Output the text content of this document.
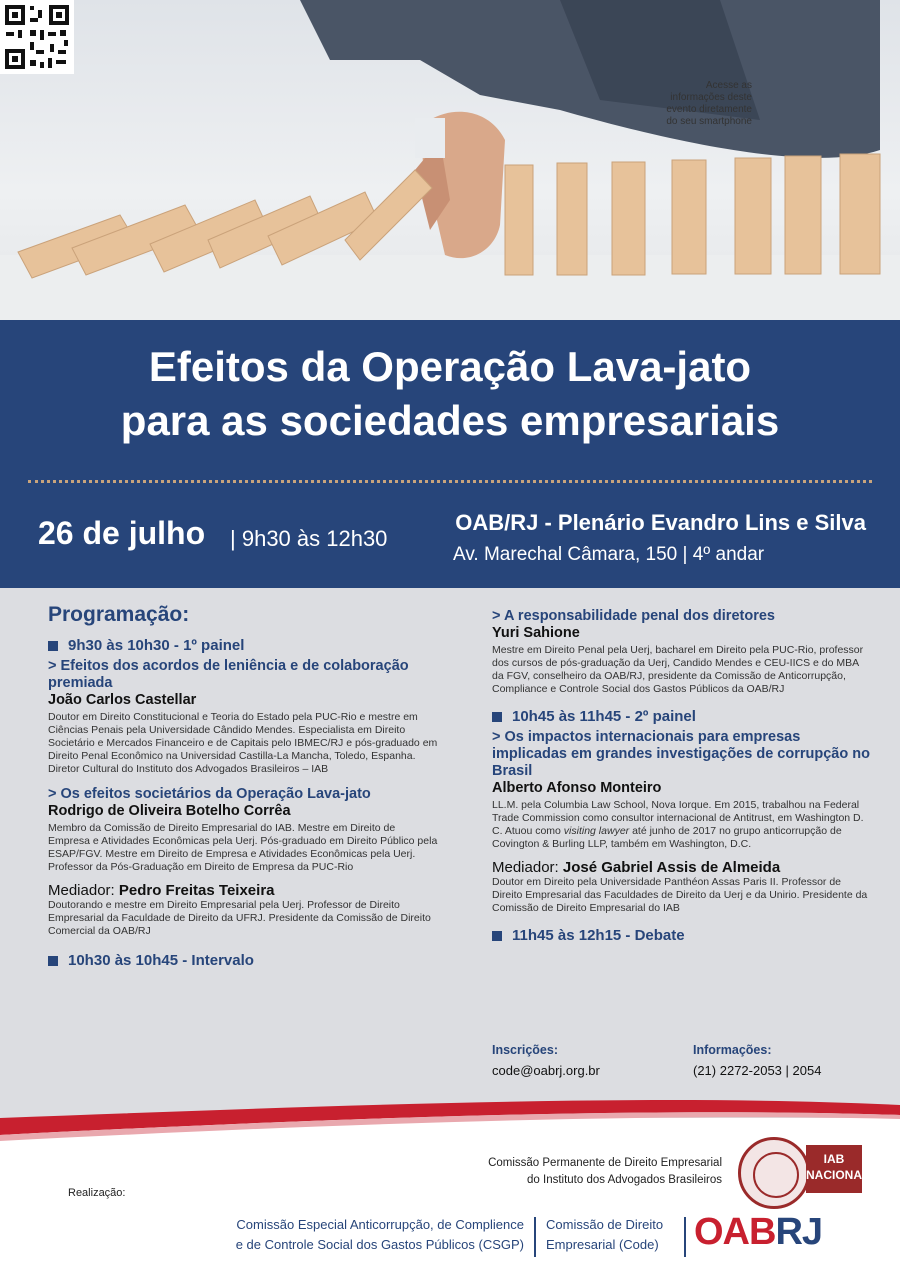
Acesse as
informações deste
evento diretamente
do seu smartphone
Efeitos da Operação Lava-jato
para as sociedades empresariais
26 de julho | 9h30 às 12h30
OAB/RJ - Plenário Evandro Lins e Silva
Av. Marechal Câmara, 150 | 4º andar
Programação:
9h30 às 10h30 - 1º painel
> Efeitos dos acordos de leniência e de colaboração premiada
João Carlos Castellar
Doutor em Direito Constitucional e Teoria do Estado pela PUC-Rio e mestre em Ciências Penais pela Universidade Cândido Mendes. Especialista em Direito Societário e Mercados Financeiro e de Capitais pelo IBMEC/RJ e pós-graduado em Direito Penal Econômico na Universidad Castilla-La Mancha, Toledo, Espanha. Diretor Cultural do Instituto dos Advogados Brasileiros – IAB
> Os efeitos societários da Operação Lava-jato
Rodrigo de Oliveira Botelho Corrêa
Membro da Comissão de Direito Empresarial do IAB. Mestre em Direito de Empresa e Atividades Econômicas pela Uerj. Pós-graduado em Direito Público pela ESAP/FGV. Mestre em Direito de Empresa e Atividades Econômicas pela Uerj. Professor da Pós-Graduação em Direito de Empresa da PUC-Rio
Mediador: Pedro Freitas Teixeira
Doutorando e mestre em Direito Empresarial pela Uerj. Professor de Direito Empresarial da Faculdade de Direito da UFRJ. Presidente da Comissão de Direito Comercial da OAB/RJ
10h30 às 10h45 - Intervalo
> A responsabilidade penal dos diretores
Yuri Sahione
Mestre em Direito Penal pela Uerj, bacharel em Direito pela PUC-Rio, professor dos cursos de pós-graduação da Uerj, Candido Mendes e CEU-IICS e do MBA da FGV, conselheiro da OAB/RJ, presidente da Comissão de Anticorrupção, Compliance e Controle Social dos Gastos Públicos da OAB/RJ
10h45 às 11h45 - 2º painel
> Os impactos internacionais para empresas implicadas em grandes investigações de corrupção no Brasil
Alberto Afonso Monteiro
LL.M. pela Columbia Law School, Nova Iorque. Em 2015, trabalhou na Federal Trade Commission como consultor internacional de Antitrust, em Washington D. C. Atuou como visiting lawyer até junho de 2017 no grupo anticorrupção de Covington & Burling LLP, também em Washington, D.C.
Mediador: José Gabriel Assis de Almeida
Doutor em Direito pela Universidade Panthéon Assas Paris II. Professor de Direito Empresarial das Faculdades de Direito da Uerj e da Unirio. Presidente da Comissão de Direito Empresarial do IAB
11h45 às 12h15 - Debate
Inscrições:
code@oabrj.org.br
Informações:
(21) 2272-2053 | 2054
Comissão Permanente de Direito Empresarial
do Instituto dos Advogados Brasileiros
IAB
NACIONAL
Realização:
Comissão Especial Anticorrupção, de Complience
e de Controle Social dos Gastos Públicos (CSGP)
Comissão de Direito
Empresarial (Code) OABRJ
